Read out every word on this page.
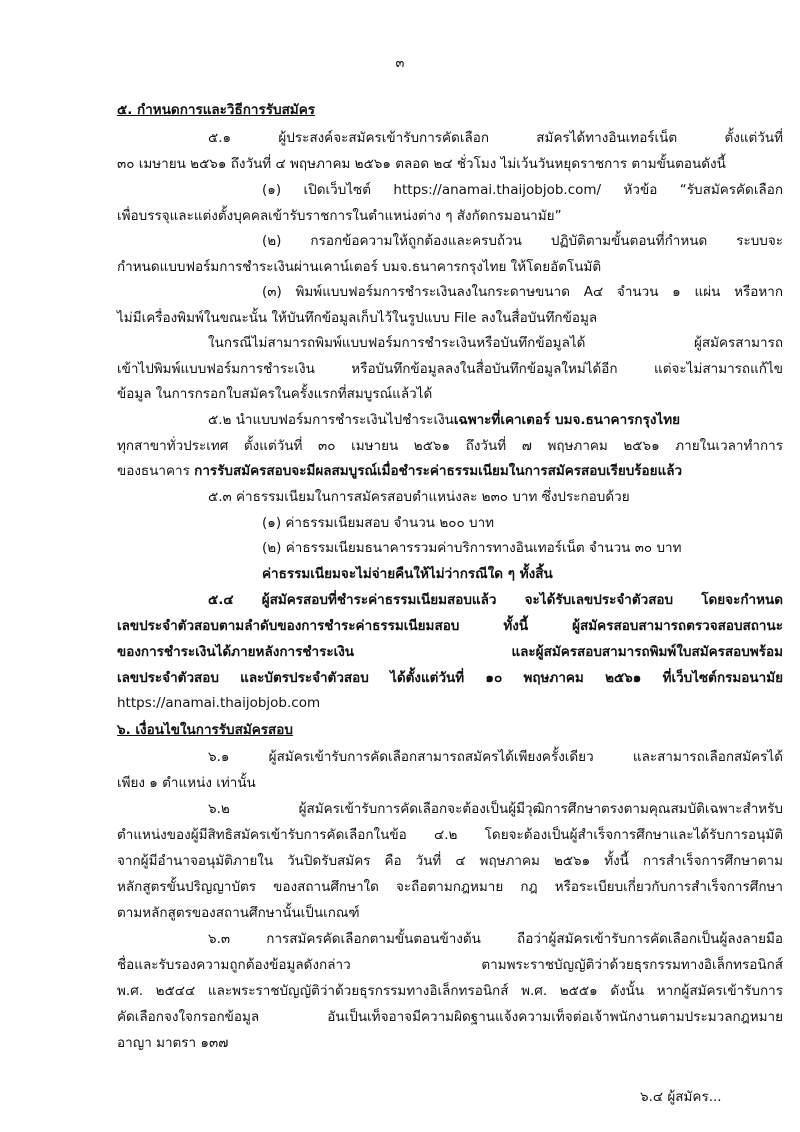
๓
๕. กำหนดการและวิธีการรับสมัคร
๕.๑ ผู้ประสงค์จะสมัครเข้ารับการคัดเลือก สมัครได้ทางอินเทอร์เน็ต ตั้งแต่วันที่
๓๐ เมษายน ๒๕๖๑ ถึงวันที่ ๔ พฤษภาคม ๒๕๖๑ ตลอด ๒๔ ชั่วโมง ไม่เว้นวันหยุดราชการ ตามขั้นตอนดังนี้
(๑) เปิดเว็บไซต์ https://anamai.thaijobjob.com/ หัวข้อ “รับสมัครคัดเลือก
เพื่อบรรจุและแต่งตั้งบุคคลเข้ารับราชการในตำแหน่งต่าง ๆ สังกัดกรมอนามัย”
(๒) กรอกข้อความให้ถูกต้องและครบถ้วน ปฏิบัติตามขั้นตอนที่กำหนด ระบบจะ
กำหนดแบบฟอร์มการชำระเงินผ่านเคาน์เตอร์ บมจ.ธนาคารกรุงไทย ให้โดยอัตโนมัติ
(๓) พิมพ์แบบฟอร์มการชำระเงินลงในกระดาษขนาด A๔ จำนวน ๑ แผ่น หรือหาก
ไม่มีเครื่องพิมพ์ในขณะนั้น ให้บันทึกข้อมูลเก็บไว้ในรูปแบบ File ลงในสื่อบันทึกข้อมูล
ในกรณีไม่สามารถพิมพ์แบบฟอร์มการชำระเงินหรือบันทึกข้อมูลได้ ผู้สมัครสามารถ
เข้าไปพิมพ์แบบฟอร์มการชำระเงิน หรือบันทึกข้อมูลลงในสื่อบันทึกข้อมูลใหม่ได้อีก แต่จะไม่สามารถแก้ไข
ข้อมูล ในการกรอกใบสมัครในครั้งแรกที่สมบูรณ์แล้วได้
๕.๒ นำแบบฟอร์มการชำระเงินไปชำระเงินเฉพาะที่เคาเตอร์ บมจ.ธนาคารกรุงไทย
ทุกสาขาทั่วประเทศ ตั้งแต่วันที่ ๓๐ เมษายน ๒๕๖๑ ถึงวันที่ ๗ พฤษภาคม ๒๕๖๑ ภายในเวลาทำการ
ของธนาคาร การรับสมัครสอบจะมีผลสมบูรณ์เมื่อชำระค่าธรรมเนียมในการสมัครสอบเรียบร้อยแล้ว
๕.๓ ค่าธรรมเนียมในการสมัครสอบตำแหน่งละ ๒๓๐ บาท ซึ่งประกอบด้วย
(๑) ค่าธรรมเนียมสอบ จำนวน ๒๐๐ บาท
(๒) ค่าธรรมเนียมธนาคารรวมค่าบริการทางอินเทอร์เน็ต จำนวน ๓๐ บาท
ค่าธรรมเนียมจะไม่จ่ายคืนให้ไม่ว่ากรณีใด ๆ ทั้งสิ้น
๕.๔ ผู้สมัครสอบที่ชำระค่าธรรมเนียมสอบแล้ว จะได้รับเลขประจำตัวสอบ โดยจะกำหนด
เลขประจำตัวสอบตามลำดับของการชำระค่าธรรมเนียมสอบ ทั้งนี้ ผู้สมัครสอบสามารถตรวจสอบสถานะ
ของการชำระเงินได้ภายหลังการชำระเงิน และผู้สมัครสอบสามารถพิมพ์ใบสมัครสอบพร้อม
เลขประจำตัวสอบ และบัตรประจำตัวสอบ ได้ตั้งแต่วันที่ ๑๐ พฤษภาคม ๒๕๖๑ ที่เว็บไซต์กรมอนามัย
https://anamai.thaijobjob.com
๖. เงื่อนไขในการรับสมัครสอบ
๖.๑ ผู้สมัครเข้ารับการคัดเลือกสามารถสมัครได้เพียงครั้งเดียว และสามารถเลือกสมัครได้
เพียง ๑ ตำแหน่ง เท่านั้น
๖.๒ ผู้สมัครเข้ารับการคัดเลือกจะต้องเป็นผู้มีวุฒิการศึกษาตรงตามคุณสมบัติเฉพาะสำหรับ
ตำแหน่งของผู้มีสิทธิสมัครเข้ารับการคัดเลือกในข้อ ๔.๒ โดยจะต้องเป็นผู้สำเร็จการศึกษาและได้รับการอนุมัติ
จากผู้มีอำนาจอนุมัติภายใน วันปิดรับสมัคร คือ วันที่ ๔ พฤษภาคม ๒๕๖๑ ทั้งนี้ การสำเร็จการศึกษาตาม
หลักสูตรขั้นปริญญาบัตร ของสถานศึกษาใด จะถือตามกฎหมาย กฎ หรือระเบียบเกี่ยวกับการสำเร็จการศึกษา
ตามหลักสูตรของสถานศึกษานั้นเป็นเกณฑ์
๖.๓ การสมัครคัดเลือกตามขั้นตอนข้างต้น ถือว่าผู้สมัครเข้ารับการคัดเลือกเป็นผู้ลงลายมือ
ชื่อและรับรองความถูกต้องข้อมูลดังกล่าว ตามพระราชบัญญัติว่าด้วยธุรกรรมทางอิเล็กทรอนิกส์
พ.ศ. ๒๕๔๔ และพระราชบัญญัติว่าด้วยธุรกรรมทางอิเล็กทรอนิกส์ พ.ศ. ๒๕๕๑ ดังนั้น หากผู้สมัครเข้ารับการ
คัดเลือกจงใจกรอกข้อมูล อันเป็นเท็จอาจมีความผิดฐานแจ้งความเท็จต่อเจ้าพนักงานตามประมวลกฎหมาย
อาญา มาตรา ๑๓๗
๖.๔ ผู้สมัคร...
